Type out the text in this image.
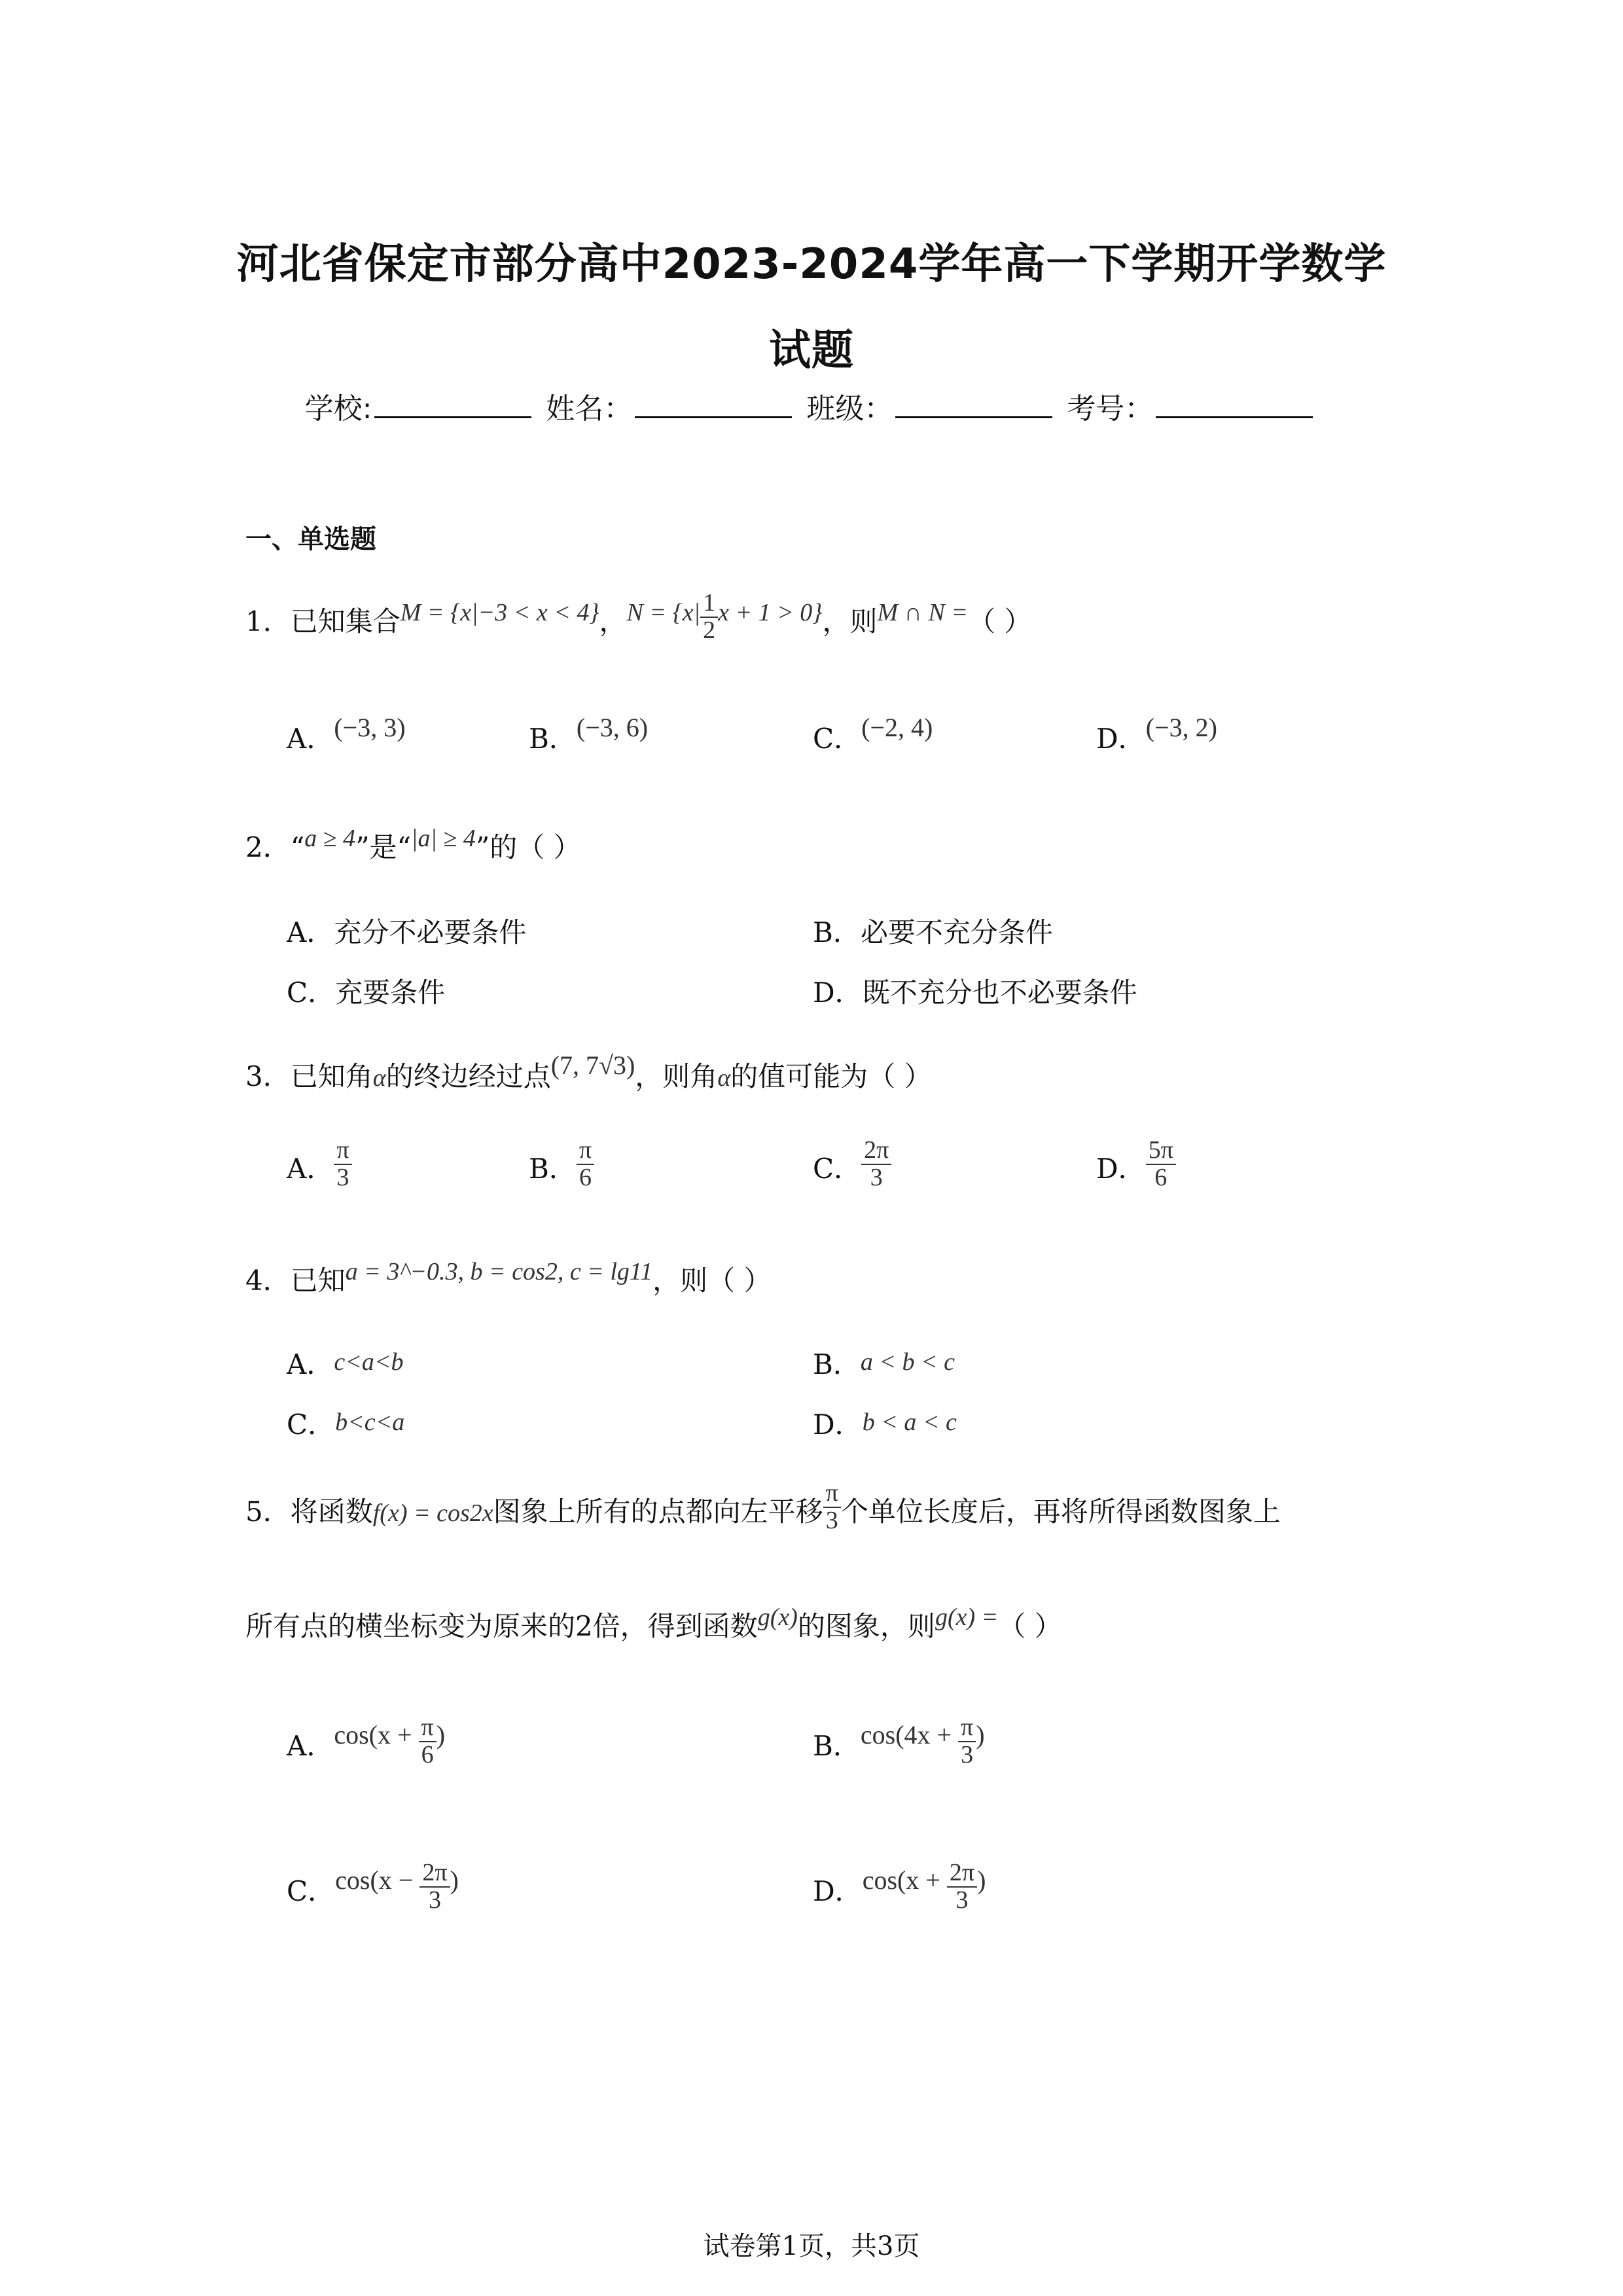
河北省保定市部分高中2023-2024学年高一下学期开学数学
试题
学校:	姓名：	班级：	考号：
一、单选题
1．已知集合M = {x|−3 < x < 4}，$N = \{x| \frac{1}{2}$ x + 1 > 0}，则M ∩ N =（ ）
A．(−3, 3)	B．(−3, 6)	C．(−2, 4)	D．(−3, 2)
2．“a ≥ 4”是“|a| ≥ 4”的（ ）
A．充分不必要条件	B．必要不充分条件
C．充要条件	D．既不充分也不必要条件
3．已知角α的终边经过点(7, 7√3)，则角α的值可能为（ ）
A． $\frac{\pi}{3}$	B． $\frac{\pi}{6}$	C． $\frac{2\pi}{3}$	D． $\frac{5\pi}{6}$
4．已知a = 3^−0.3, b = cos2, c = lg11，则（ ）
A．c<a<b	B．a < b < c
C．b<c<a	D．b < a < c
5．将函数f(x) = cos2x图象上所有的点都向左平移 $\frac{\pi}{3}$ 个单位长度后，再将所得函数图象上
所有点的横坐标变为原来的2倍，得到函数g(x)的图象，则g(x) =（ ）
A．$\cos(x + \frac{\pi}{6}$ )	B．$\cos(4x + \frac{\pi}{3}$ )
C．$\cos(x - \frac{2\pi}{3}$ )	D．$\cos(x + \frac{2\pi}{3}$ )
试卷第1页，共3页
